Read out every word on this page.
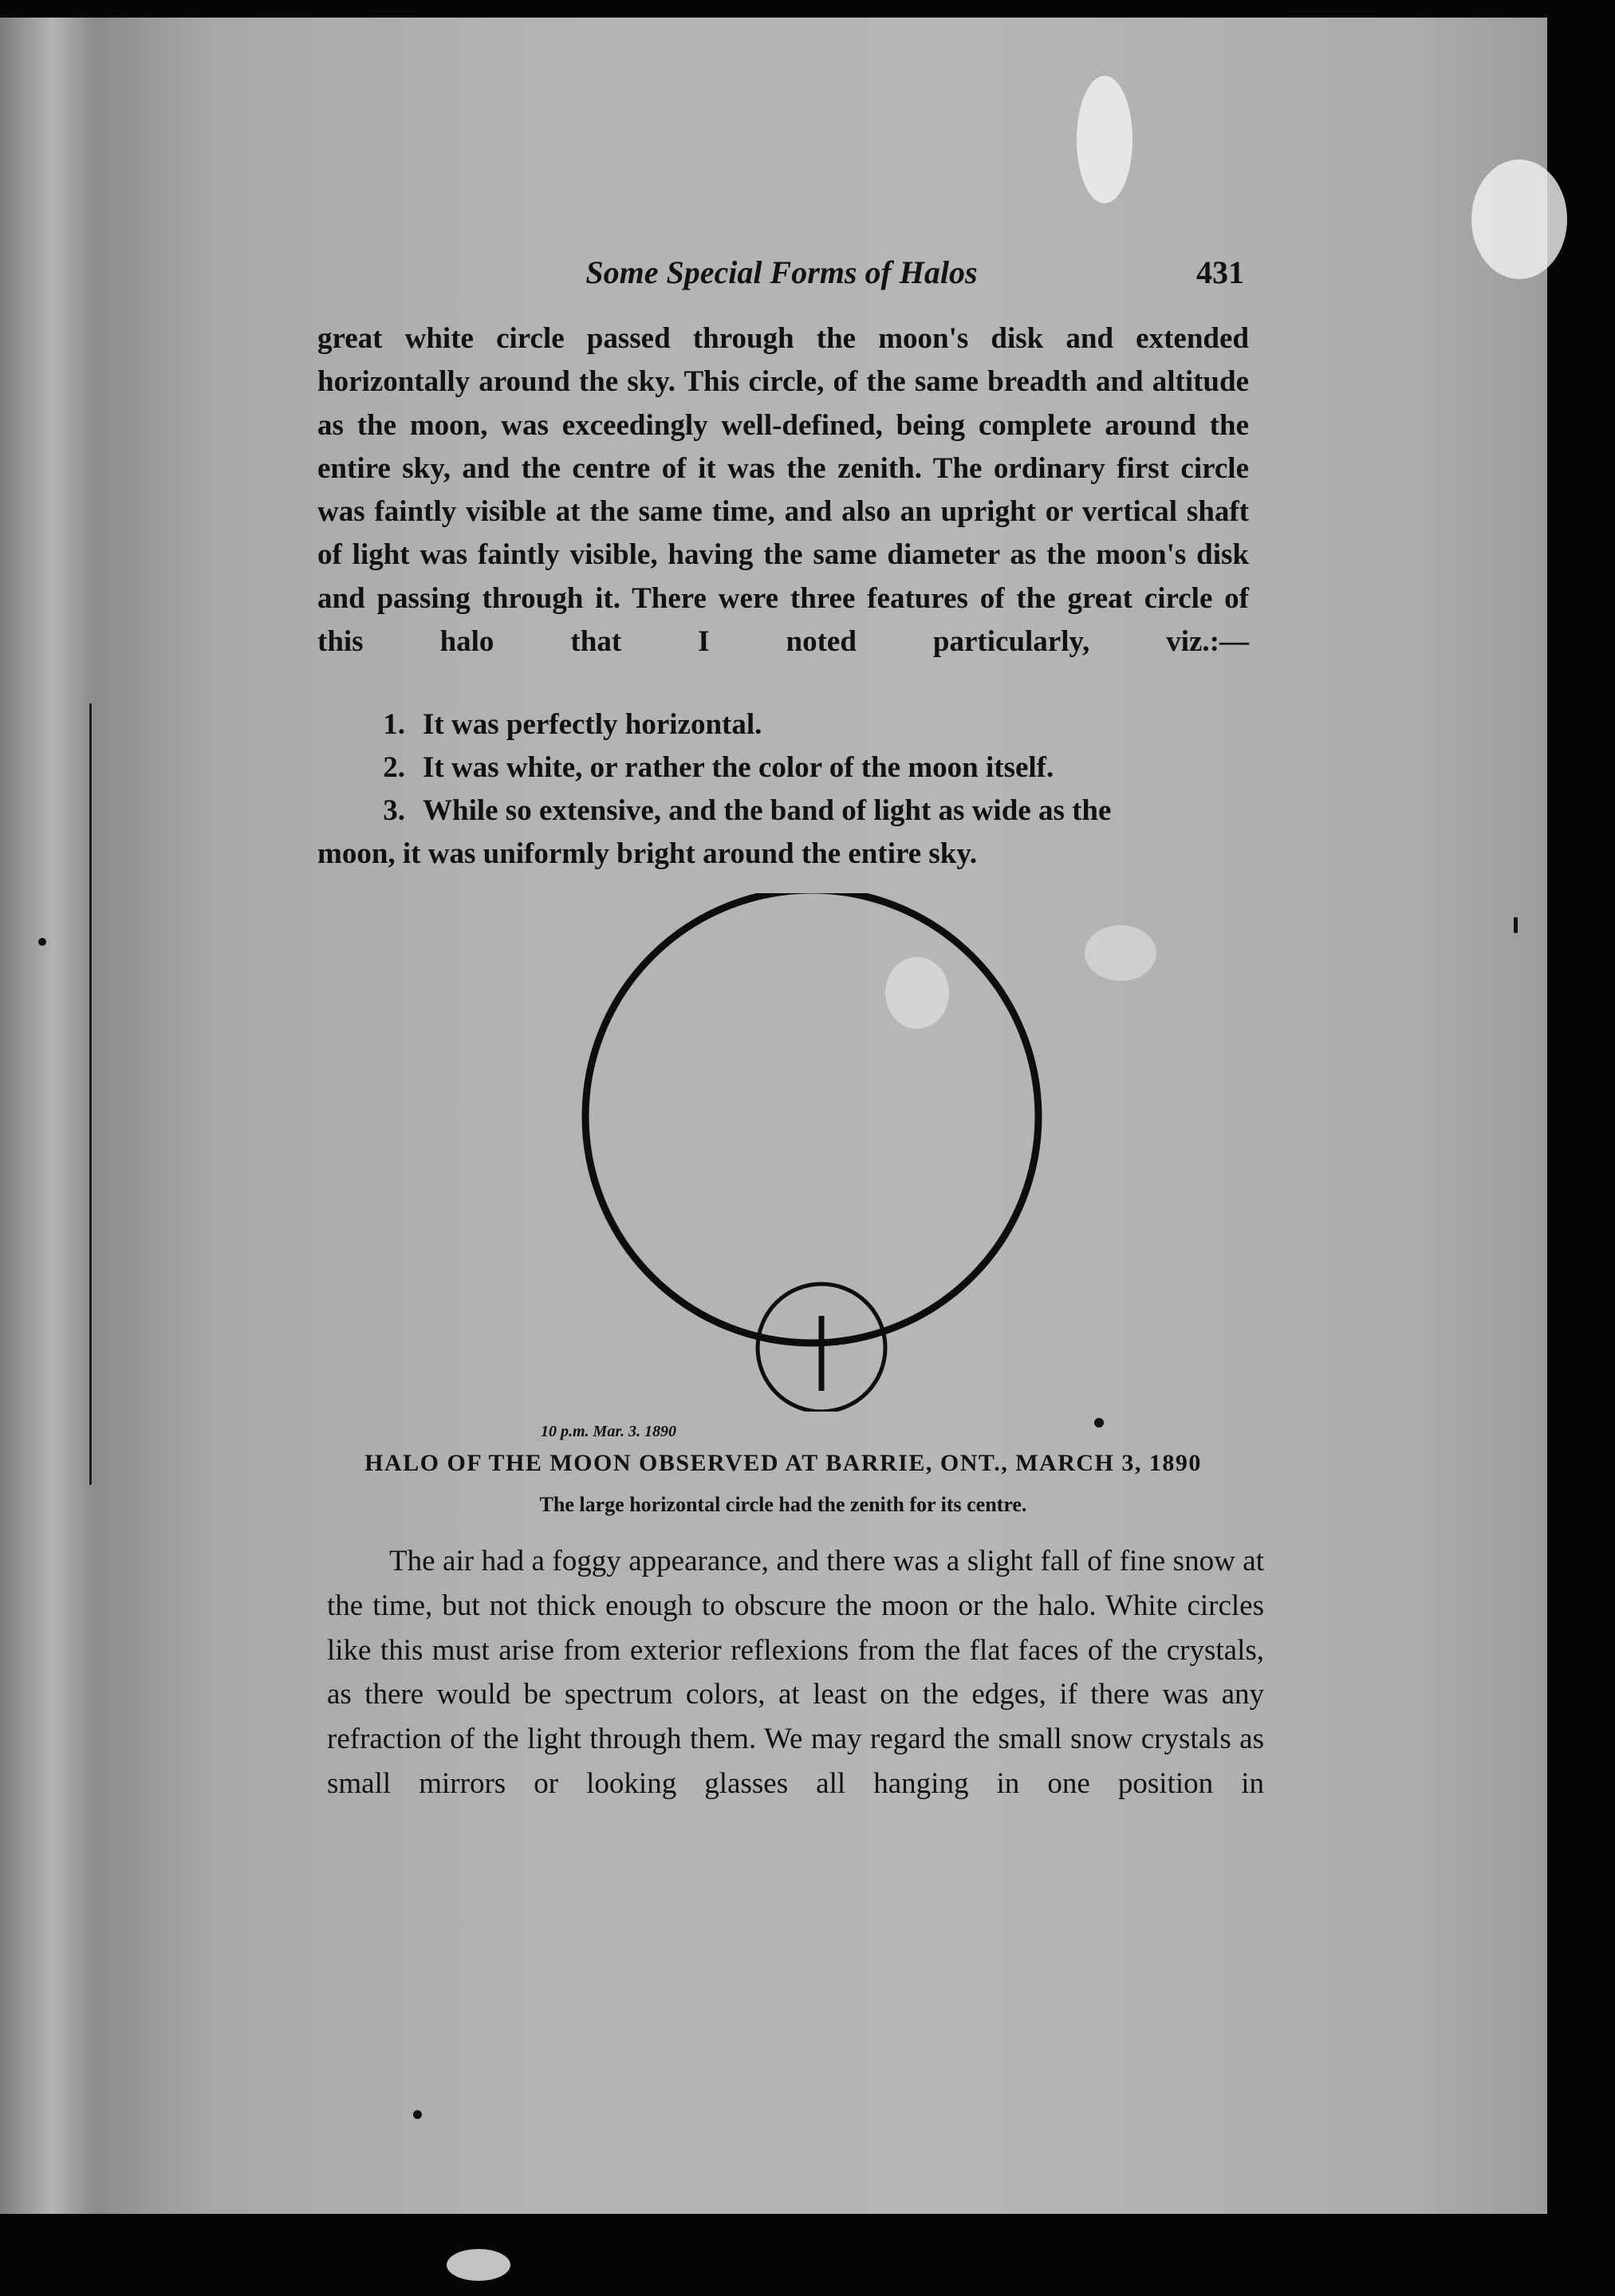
Some Special Forms of Halos	431

great white circle passed through the moon's disk and extended horizontally around the sky. This circle, of the same breadth and altitude as the moon, was exceedingly well-defined, being complete around the entire sky, and the centre of it was the zenith. The ordinary first circle was faintly visible at the same time, and also an upright or vertical shaft of light was faintly visible, having the same diameter as the moon's disk and passing through it. There were three features of the great circle of this halo that I noted particularly, viz.:—

1. It was perfectly horizontal.
2. It was white, or rather the color of the moon itself.
3. While so extensive, and the band of light as wide as the
moon, it was uniformly bright around the entire sky.
10 p.m. Mar. 3. 1890
HALO OF THE MOON OBSERVED AT BARRIE, ONT., MARCH 3, 1890
The large horizontal circle had the zenith for its centre.

The air had a foggy appearance, and there was a slight fall of fine snow at the time, but not thick enough to obscure the moon or the halo. White circles like this must arise from exterior reflexions from the flat faces of the crystals, as there would be spectrum colors, at least on the edges, if there was any refraction of the light through them. We may regard the small snow crystals as small mirrors or looking glasses all hanging in one position in
